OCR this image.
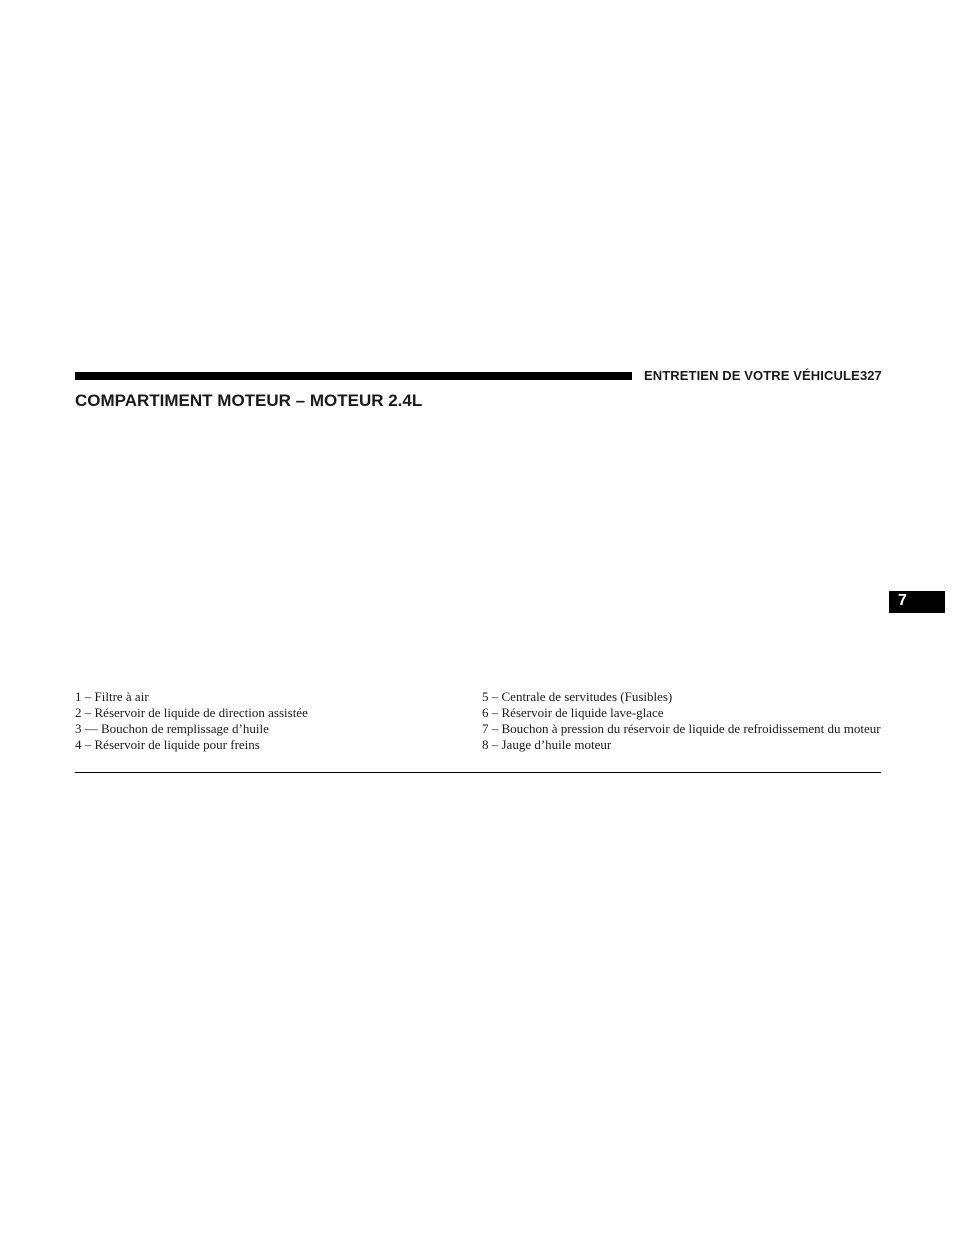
ENTRETIEN DE VOTRE VÉHICULE 327
COMPARTIMENT MOTEUR – MOTEUR 2.4L
7
1 – Filtre à air	5 – Centrale de servitudes (Fusibles)
2 – Réservoir de liquide de direction assistée	6 – Réservoir de liquide lave-glace
3 — Bouchon de remplissage d’huile	7 – Bouchon à pression du réservoir de liquide de refroidissement du moteur
4 – Réservoir de liquide pour freins	8 – Jauge d’huile moteur
